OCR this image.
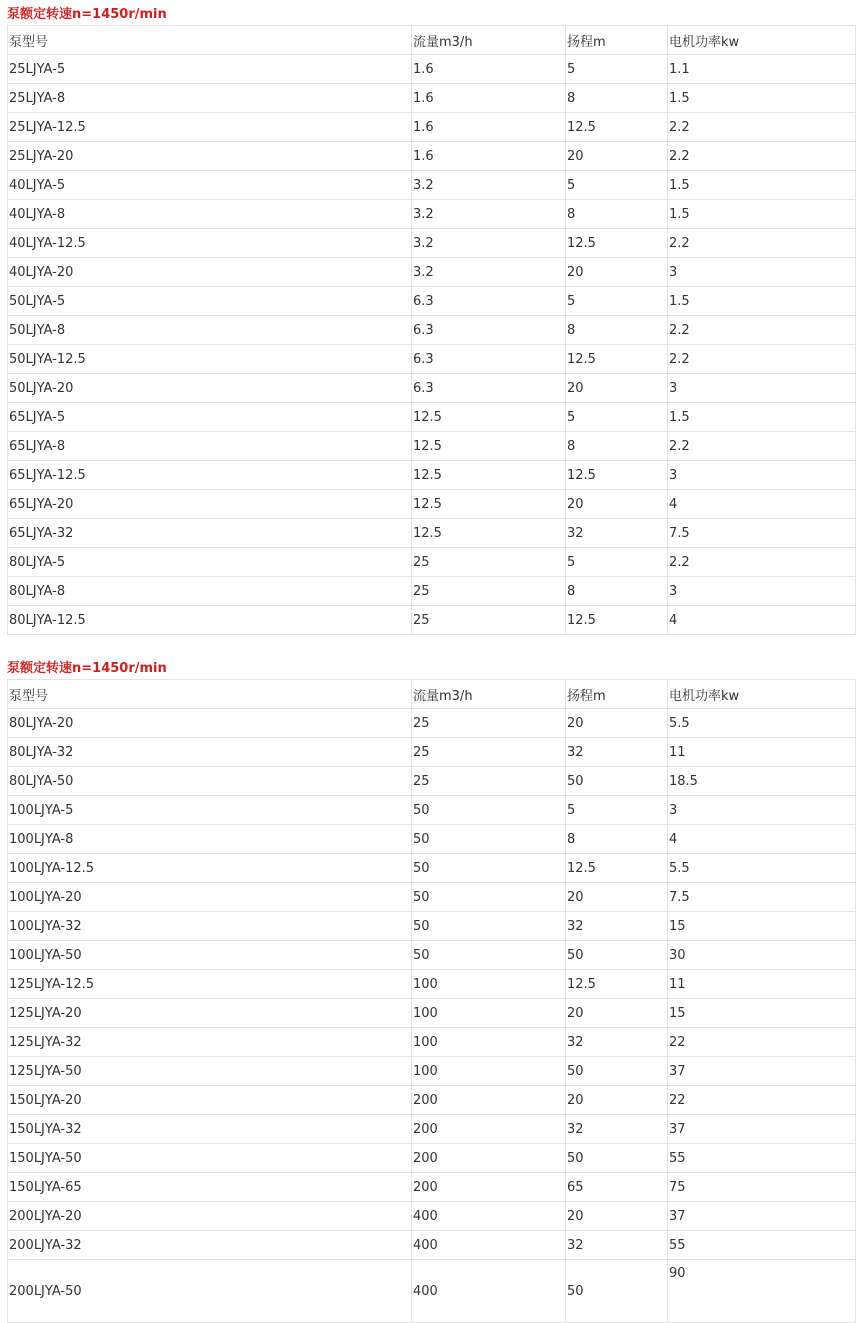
泵额定转速n=1450r/min
泵型号	流量m3/h	扬程m	电机功率kw
25LJYA-5	1.6	5	1.1
25LJYA-8	1.6	8	1.5
25LJYA-12.5	1.6	12.5	2.2
25LJYA-20	1.6	20	2.2
40LJYA-5	3.2	5	1.5
40LJYA-8	3.2	8	1.5
40LJYA-12.5	3.2	12.5	2.2
40LJYA-20	3.2	20	3
50LJYA-5	6.3	5	1.5
50LJYA-8	6.3	8	2.2
50LJYA-12.5	6.3	12.5	2.2
50LJYA-20	6.3	20	3
65LJYA-5	12.5	5	1.5
65LJYA-8	12.5	8	2.2
65LJYA-12.5	12.5	12.5	3
65LJYA-20	12.5	20	4
65LJYA-32	12.5	32	7.5
80LJYA-5	25	5	2.2
80LJYA-8	25	8	3
80LJYA-12.5	25	12.5	4
泵额定转速n=1450r/min
泵型号	流量m3/h	扬程m	电机功率kw
80LJYA-20	25	20	5.5
80LJYA-32	25	32	11
80LJYA-50	25	50	18.5
100LJYA-5	50	5	3
100LJYA-8	50	8	4
100LJYA-12.5	50	12.5	5.5
100LJYA-20	50	20	7.5
100LJYA-32	50	32	15
100LJYA-50	50	50	30
125LJYA-12.5	100	12.5	11
125LJYA-20	100	20	15
125LJYA-32	100	32	22
125LJYA-50	100	50	37
150LJYA-20	200	20	22
150LJYA-32	200	32	37
150LJYA-50	200	50	55
150LJYA-65	200	65	75
200LJYA-20	400	20	37
200LJYA-32	400	32	55
200LJYA-50	400	50	90
